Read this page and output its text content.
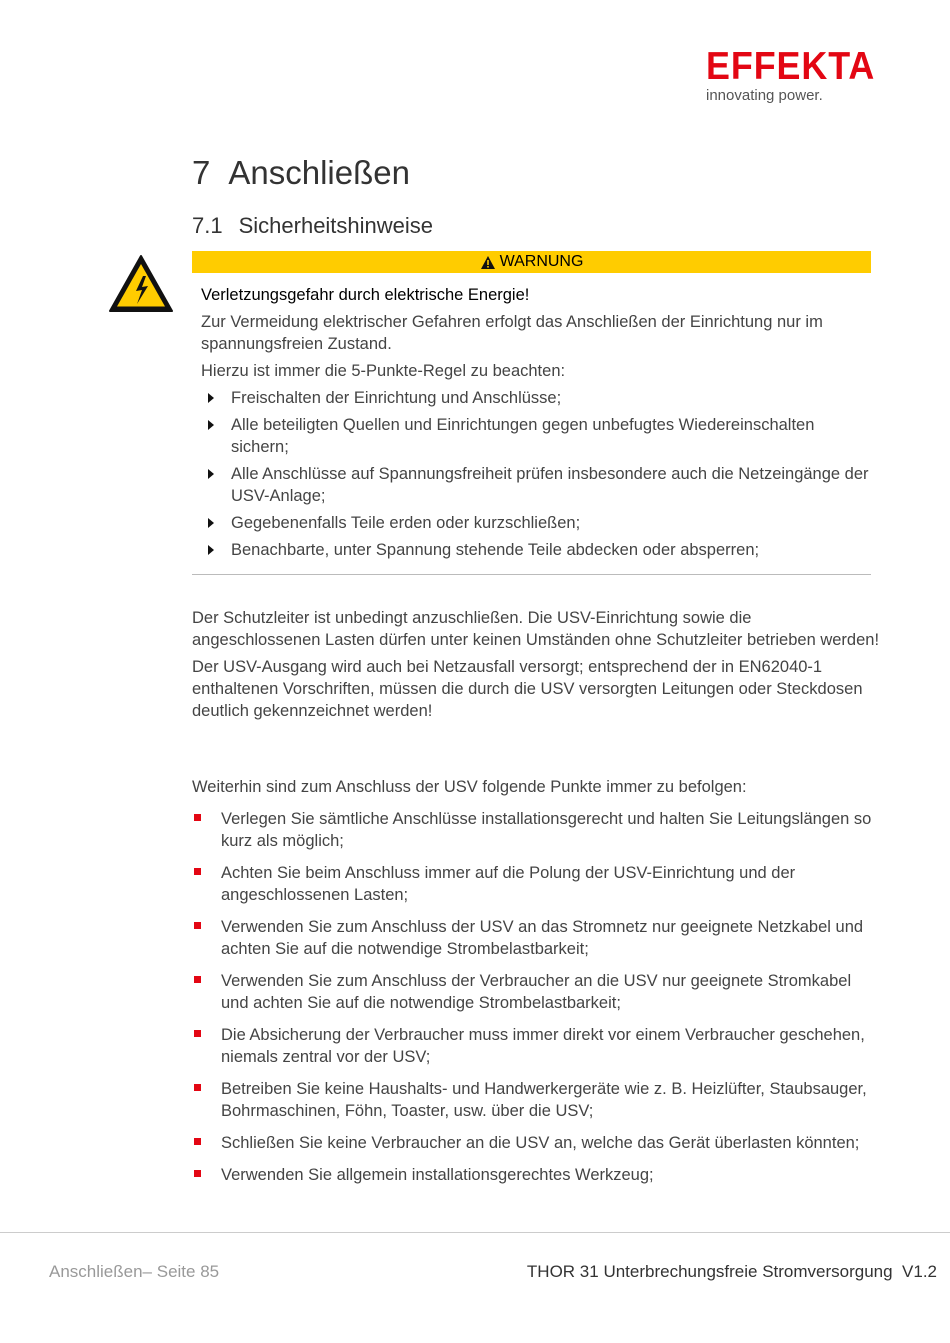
EFFEKTA
innovating power.
7 Anschließen
7.1 Sicherheitshinweise
WARNUNG

Verletzungsgefahr durch elektrische Energie!

Zur Vermeidung elektrischer Gefahren erfolgt das Anschließen der Einrichtung nur im spannungsfreien Zustand.

Hierzu ist immer die 5-Punkte-Regel zu beachten:

Freischalten der Einrichtung und Anschlüsse;
Alle beteiligten Quellen und Einrichtungen gegen unbefugtes Wiedereinschalten sichern;
Alle Anschlüsse auf Spannungsfreiheit prüfen insbesondere auch die Netzeingänge der USV-Anlage;
Gegebenenfalls Teile erden oder kurzschließen;
Benachbarte, unter Spannung stehende Teile abdecken oder absperren;

Der Schutzleiter ist unbedingt anzuschließen. Die USV-Einrichtung sowie die angeschlossenen Lasten dürfen unter keinen Umständen ohne Schutzleiter betrieben werden!

Der USV-Ausgang wird auch bei Netzausfall versorgt; entsprechend der in EN62040-1 enthaltenen Vorschriften, müssen die durch die USV versorgten Leitungen oder Steckdosen deutlich gekennzeichnet werden!

Weiterhin sind zum Anschluss der USV folgende Punkte immer zu befolgen:

Verlegen Sie sämtliche Anschlüsse installationsgerecht und halten Sie Leitungslängen so kurz als möglich;
Achten Sie beim Anschluss immer auf die Polung der USV-Einrichtung und der angeschlossenen Lasten;
Verwenden Sie zum Anschluss der USV an das Stromnetz nur geeignete Netzkabel und achten Sie auf die notwendige Strombelastbarkeit;
Verwenden Sie zum Anschluss der Verbraucher an die USV nur geeignete Stromkabel und achten Sie auf die notwendige Strombelastbarkeit;
Die Absicherung der Verbraucher muss immer direkt vor einem Verbraucher geschehen, niemals zentral vor der USV;
Betreiben Sie keine Haushalts- und Handwerkergeräte wie z. B. Heizlüfter, Staubsauger, Bohrmaschinen, Föhn, Toaster, usw. über die USV;
Schließen Sie keine Verbraucher an die USV an, welche das Gerät überlasten könnten;
Verwenden Sie allgemein installationsgerechtes Werkzeug;
Anschließen– Seite 85	THOR 31 Unterbrechungsfreie Stromversorgung  V1.2
